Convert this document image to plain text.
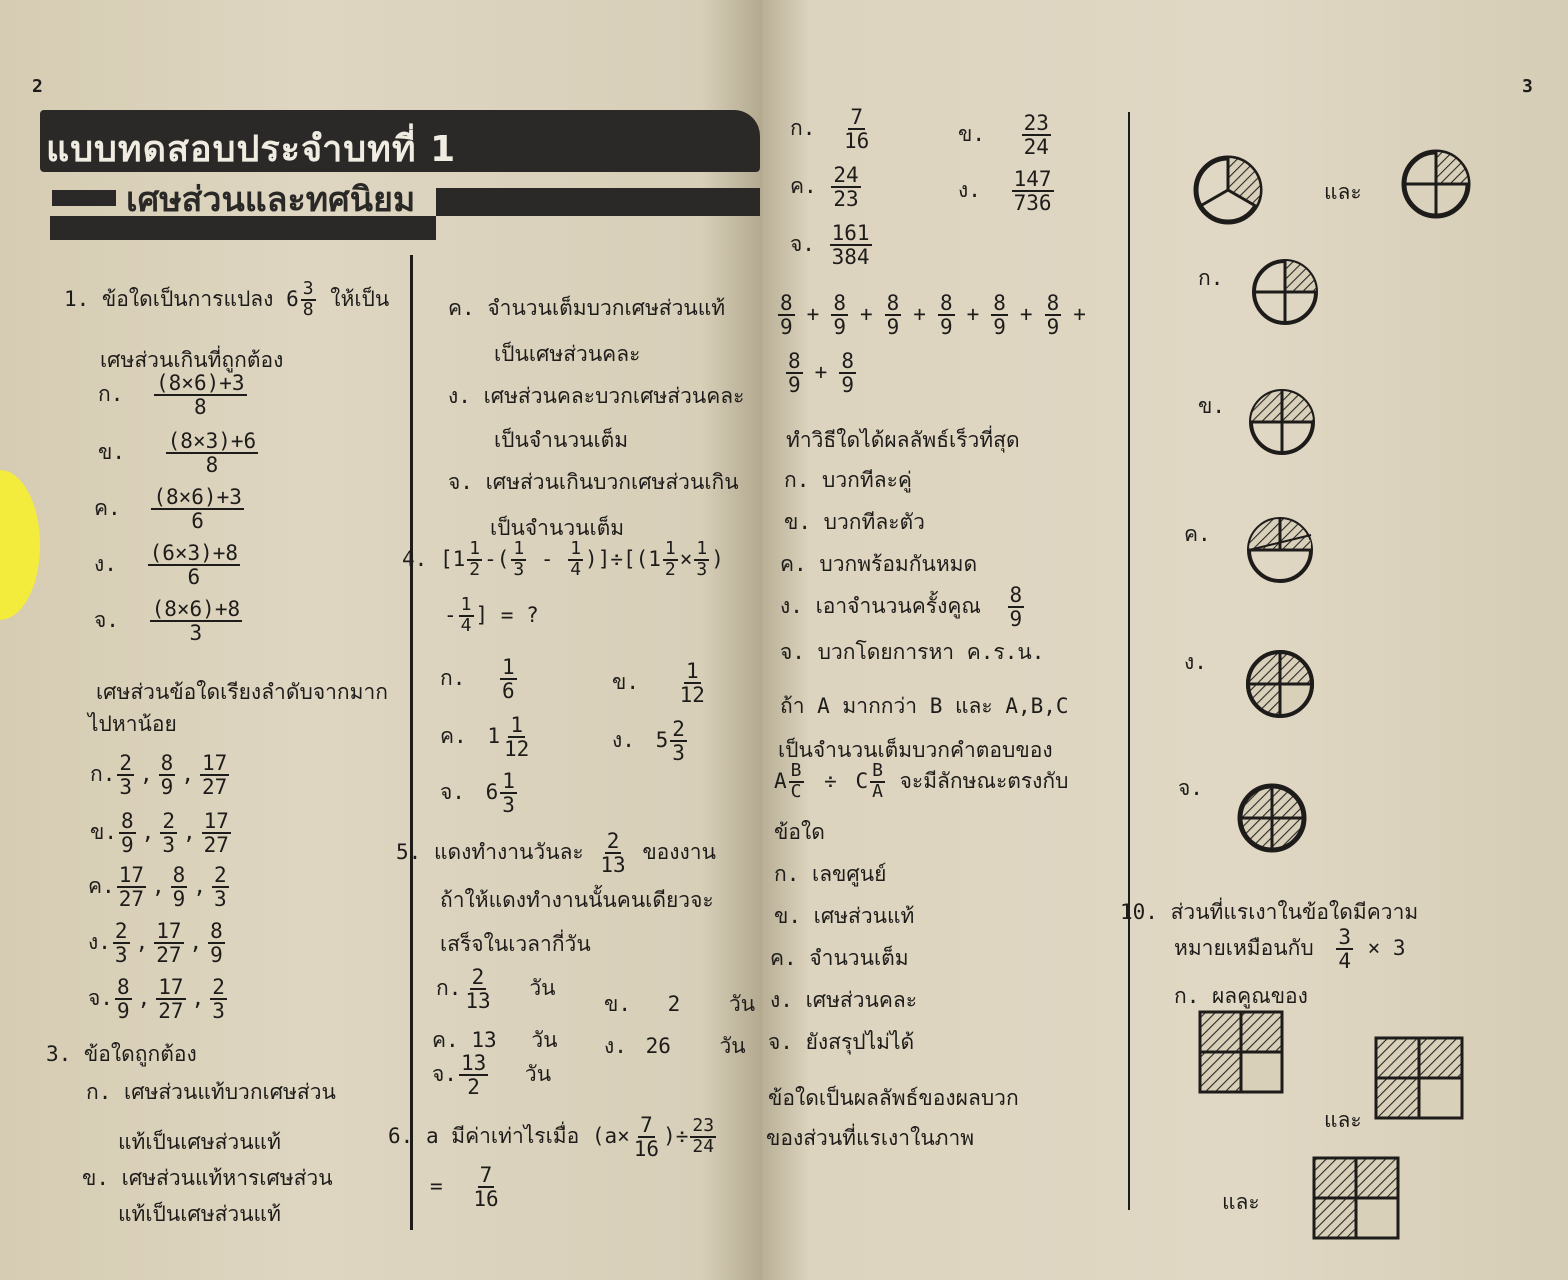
2
แบบทดสอบประจำบทที่ 1
เศษส่วนและทศนิยม
1. ข้อใดเป็นการแปลง $6 \frac{3}{8}$ ให้เป็น
เศษส่วนเกินที่ถูกต้อง
ก. $\frac{(8\times 6)+3}{8}$
ข. $\frac{(8\times 3)+6}{8}$
ค. $\frac{(8\times 6)+3}{6}$
ง. $\frac{(6\times 3)+8}{6}$
จ. $\frac{(8\times 6)+8}{3}$
เศษส่วนข้อใดเรียงลำดับจากมาก
ไปหาน้อย
ก. $\frac{2}{3}$ , $\frac{8}{9}$ , $\frac{17}{27}$
ข. $\frac{8}{9}$ , $\frac{2}{3}$ , $\frac{17}{27}$
ค. $\frac{17}{27}$ , $\frac{8}{9}$ , $\frac{2}{3}$
ง. $\frac{2}{3}$ , $\frac{17}{27}$ , $\frac{8}{9}$
จ. $\frac{8}{9}$ , $\frac{17}{27}$ , $\frac{2}{3}$
3. ข้อใดถูกต้อง
ก. เศษส่วนแท้บวกเศษส่วน
แท้เป็นเศษส่วนแท้
ข. เศษส่วนแท้หารเศษส่วน
แท้เป็นเศษส่วนแท้
ค. จำนวนเต็มบวกเศษส่วนแท้
เป็นเศษส่วนคละ
ง. เศษส่วนคละบวกเศษส่วนคละ
เป็นจำนวนเต็ม
จ. เศษส่วนเกินบวกเศษส่วนเกิน
เป็นจำนวนเต็ม
4. [$1 \frac{1}{2}$ -( $\frac{1}{3} - \frac{1}{4} )]\div[(1 \frac{1}{2} \times \frac{1}{3}$ )
- $\frac{1}{4}$ ] = ?
ก. $\frac{1}{6}$	ข. $\frac{1}{12}$
ค. $1 \frac{1}{12}$	ง. $5 \frac{2}{3}$
จ. $6 \frac{1}{3}$
5. แดงทำงานวันละ $\frac{2}{13}$ ของงาน
ถ้าให้แดงทำงานนั้นคนเดียวจะ
เสร็จในเวลากี่วัน
ก. $\frac{2}{13}$ วัน
ข. 2 วัน
ค. 13 วัน ง. 26 วัน
จ. $\frac{13}{2}$ วัน
6. a มีค่าเท่าไรเมื่อ ($a\times \frac{7}{16}$ )÷ $\frac{23}{24}$
= $\frac{7}{16}$
3
ก. $\frac{7}{16}$	ข. $\frac{23}{24}$
ค. $\frac{24}{23}$	ง. $\frac{147}{736}$
จ. $\frac{161}{384}$
$\frac{8}{9} + \frac{8}{9} + \frac{8}{9} + \frac{8}{9} + \frac{8}{9} + \frac{8}{9}$ +
$\frac{8}{9} + \frac{8}{9}$
ทำวิธีใดได้ผลลัพธ์เร็วที่สุด
ก. บวกทีละคู่
ข. บวกทีละตัว
ค. บวกพร้อมกันหมด
ง. เอาจำนวนครั้งคูณ $\frac{8}{9}$
จ. บวกโดยการหา ค.ร.น.
ถ้า A มากกว่า B และ A,B,C
เป็นจำนวนเต็มบวกคำตอบของ
A $\frac{B}{C} \div C \frac{B}{A}$ จะมีลักษณะตรงกับ
ข้อใด
ก. เลขศูนย์
ข. เศษส่วนแท้
ค. จำนวนเต็ม
ง. เศษส่วนคละ
จ. ยังสรุปไม่ได้
ข้อใดเป็นผลลัพธ์ของผลบวก
ของส่วนที่แรเงาในภาพ
และ
ก.
ข.
ค.
ง.
จ.
10. ส่วนที่แรเงาในข้อใดมีความ
หมายเหมือนกับ $\frac{3}{4} \times 3$
ก. ผลคูณของ
และ
และ
